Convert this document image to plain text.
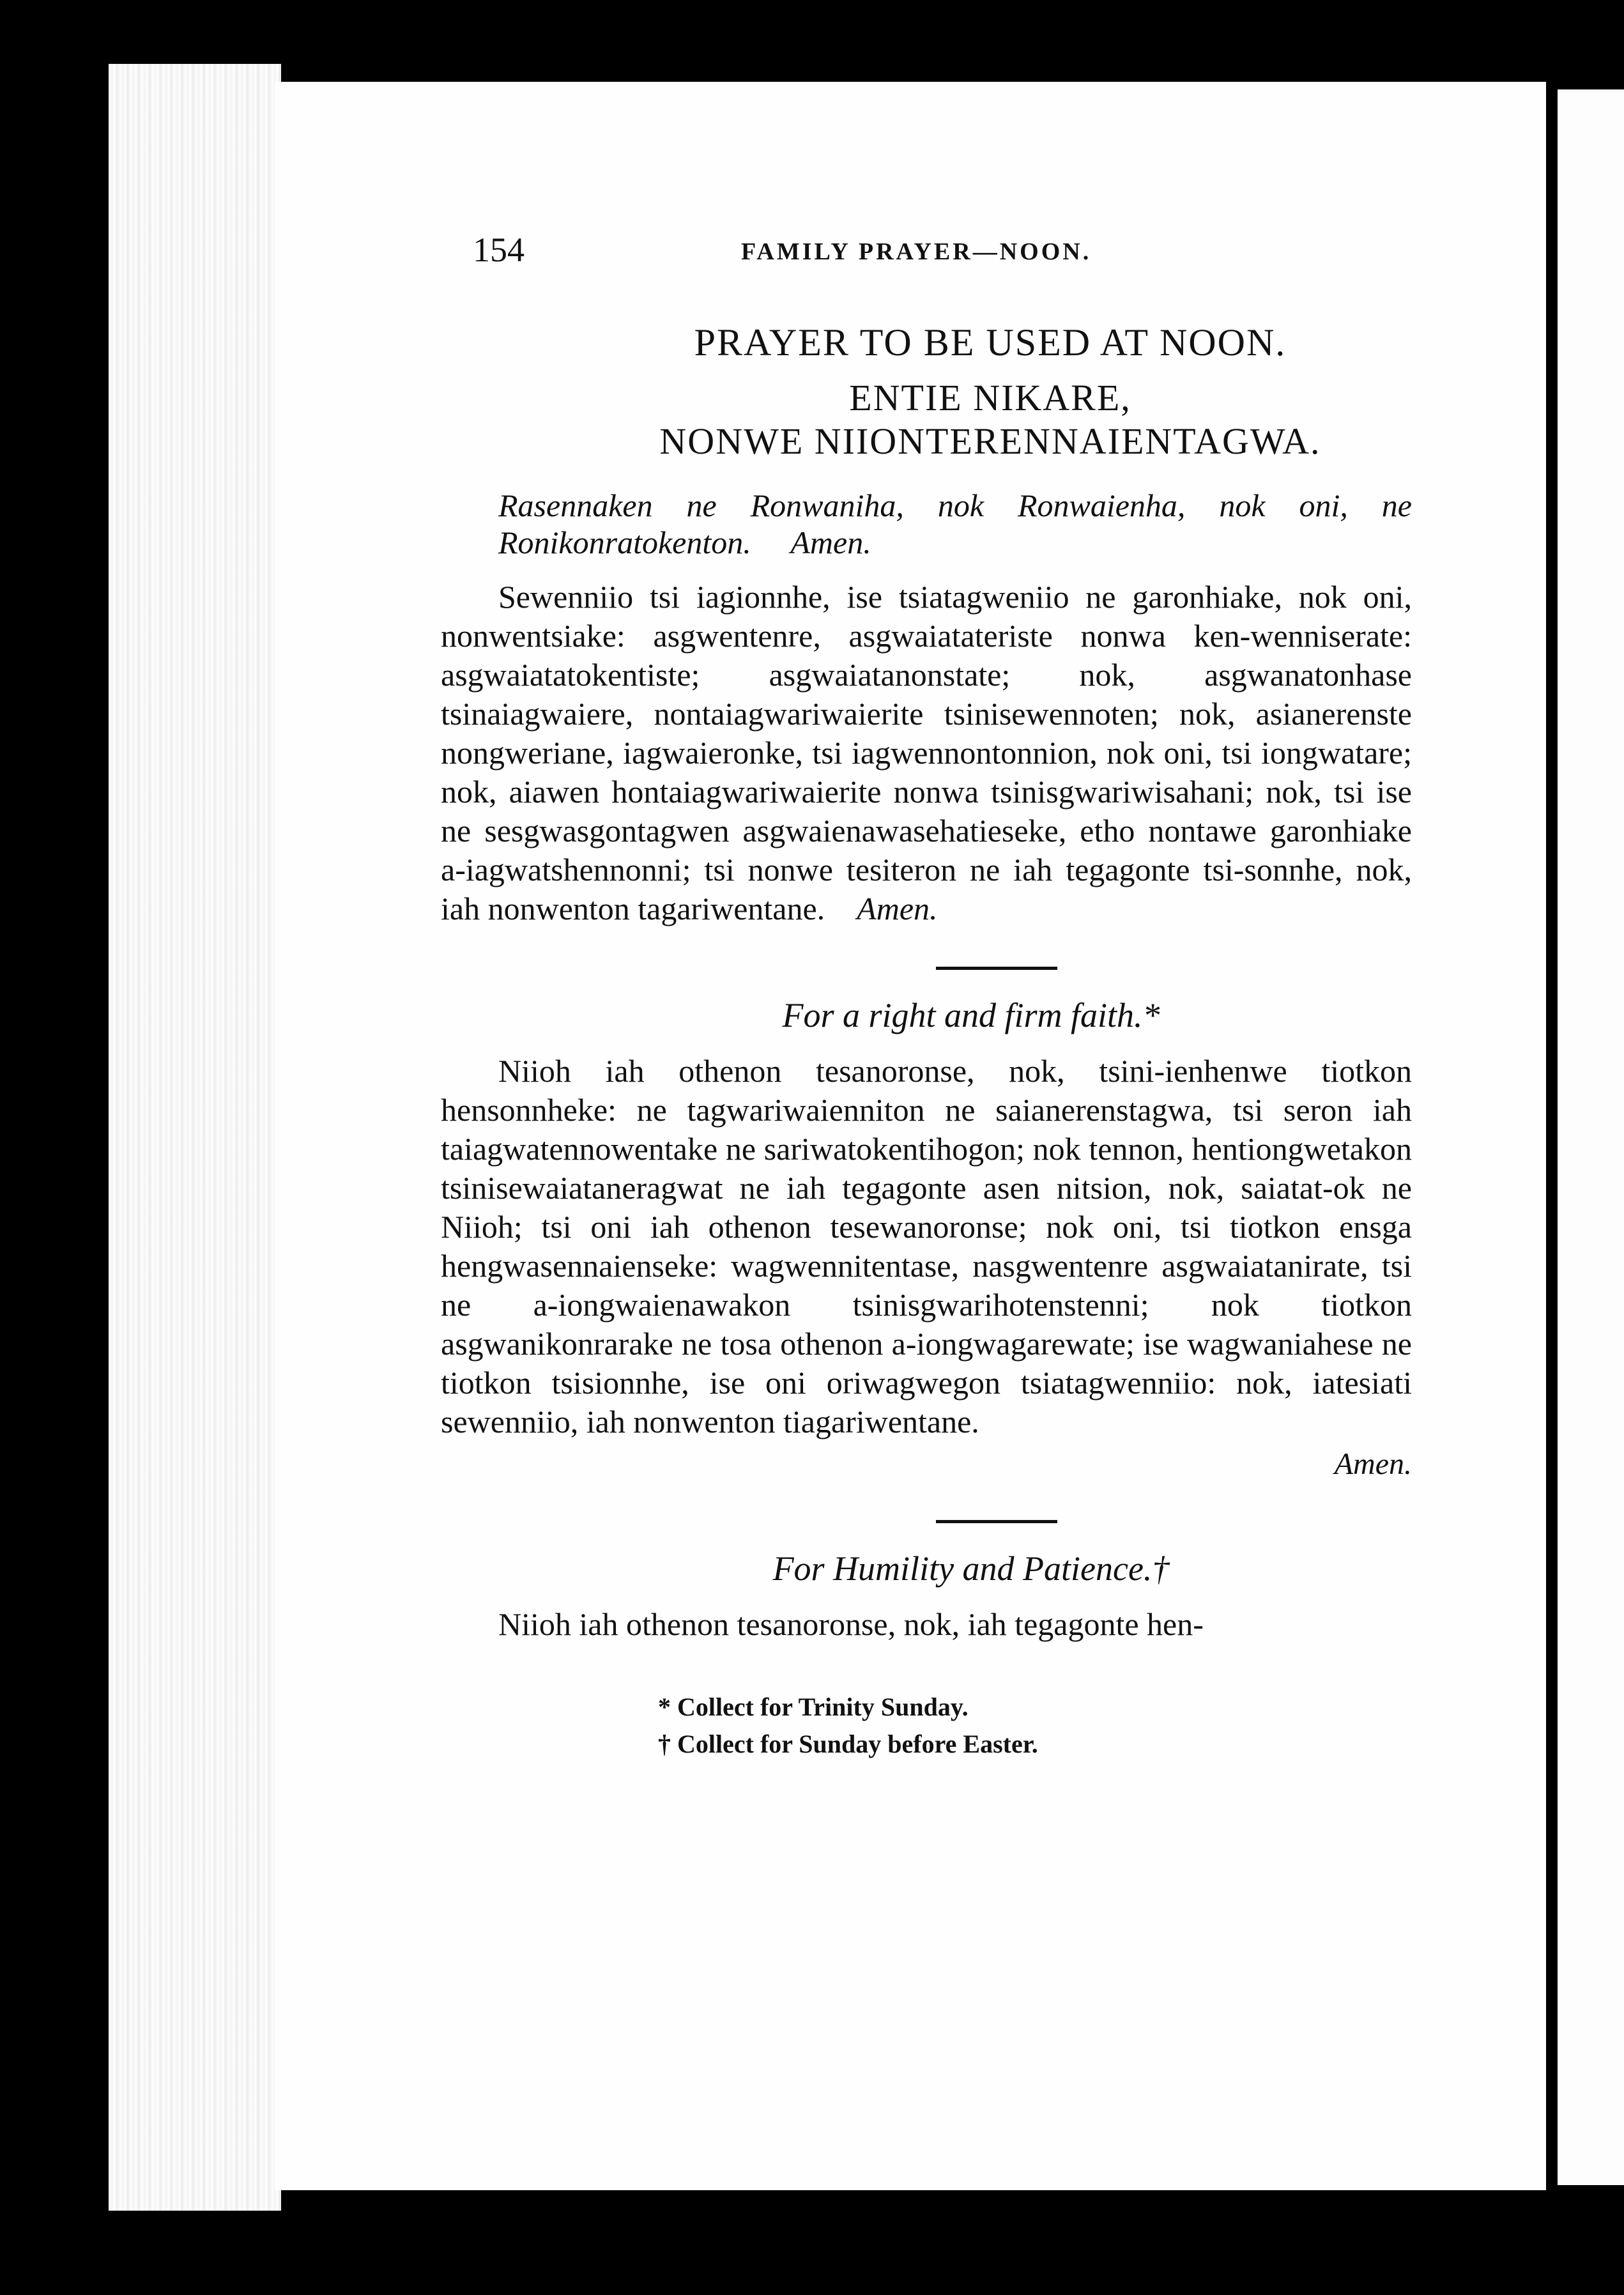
154	FAMILY PRAYER—NOON.
PRAYER TO BE USED AT NOON.
ENTIE NIKARE,
NONWE NIIONTERENNAIENTAGWA.

Rasennaken ne Ronwaniha, nok Ronwaienha, nok oni, ne Ronikonratokenton. Amen.

Sewenniio tsi iagionnhe, ise tsiatagweniio ne garonhiake, nok oni, nonwentsiake: asgwentenre, asgwaiatateriste nonwa ken-wenniserate: asgwaiatatokentiste; asgwaiatanonstate; nok, asgwanatonhase tsinaiagwaiere, nontaiagwariwaierite tsinisewennoten; nok, asianerenste nongweriane, iagwaieronke, tsi iagwennontonnion, nok oni, tsi iongwatare; nok, aiawen hontaiagwariwaierite nonwa tsinisgwariwisahani; nok, tsi ise ne sesgwasgontagwen asgwaienawasehatieseke, etho nontawe garonhiake a-iagwatshennonni; tsi nonwe tesiteron ne iah tegagonte tsi-sonnhe, nok, iah nonwenton tagariwentane. Amen.

For a right and firm faith.*

Niioh iah othenon tesanoronse, nok, tsini-ienhenwe tiotkon hensonnheke: ne tagwariwaienniton ne saianerenstagwa, tsi seron iah taiagwatennowentake ne sariwatokentihogon; nok tennon, hentiongwetakon tsinisewaiataneragwat ne iah tegagonte asen nitsion, nok, saiatat-ok ne Niioh; tsi oni iah othenon tesewanoronse; nok oni, tsi tiotkon ensga hengwasennaienseke: wagwennitentase, nasgwentenre asgwaiatanirate, tsi ne a-iongwaienawakon tsinisgwarihotenstenni; nok tiotkon asgwanikonrarake ne tosa othenon a-iongwagarewate; ise wagwaniahese ne tiotkon tsisionnhe, ise oni oriwagwegon tsiatagwenniio: nok, iatesiati sewenniio, iah nonwenton tiagariwentane.

Amen.
For Humility and Patience.†

Niioh iah othenon tesanoronse, nok, iah tegagonte hen-

* Collect for Trinity Sunday.
† Collect for Sunday before Easter.
